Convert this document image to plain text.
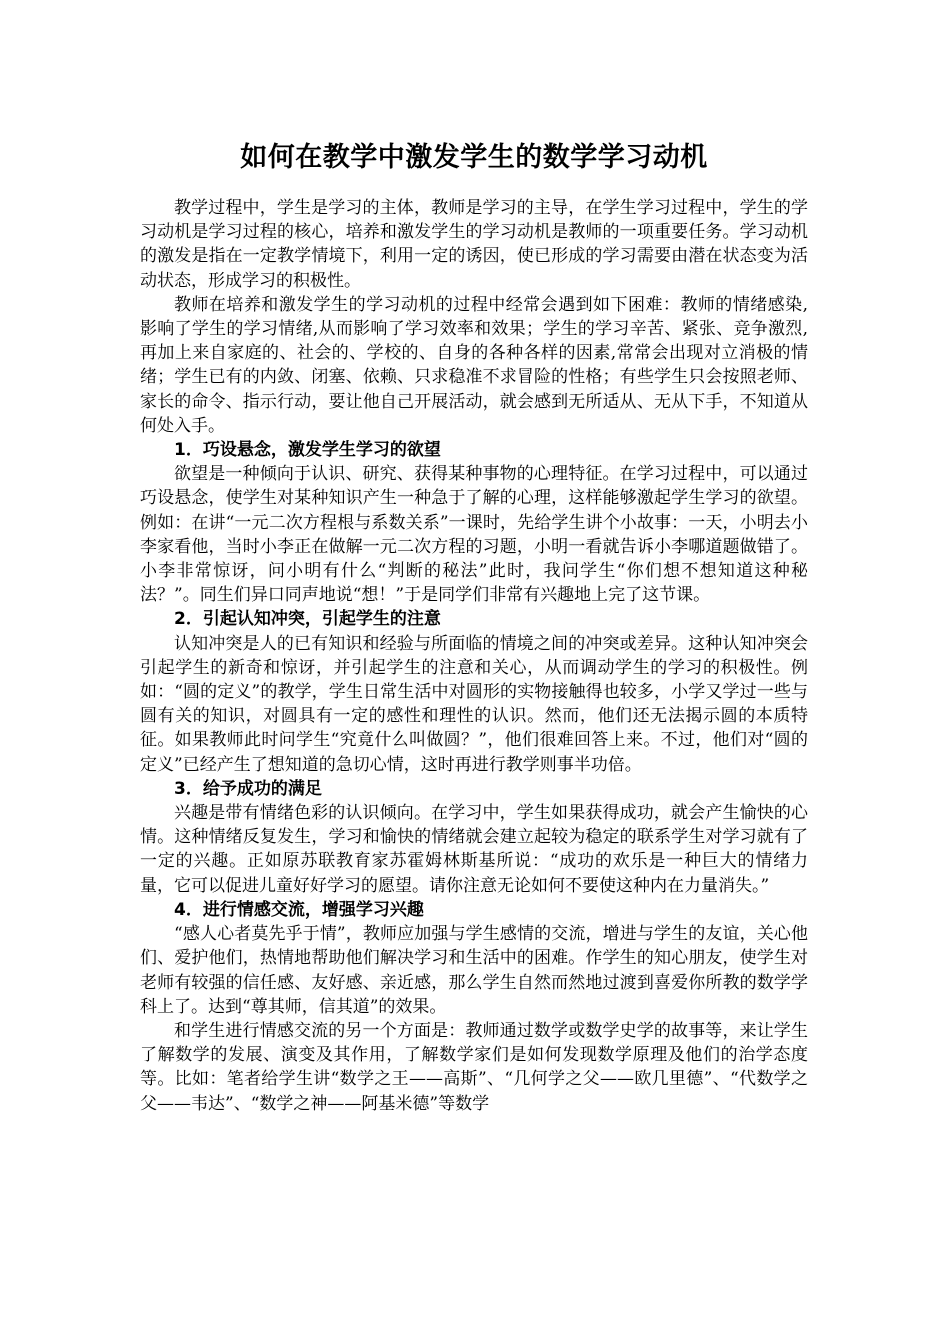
如何在教学中激发学生的数学学习动机

教学过程中，学生是学习的主体，教师是学习的主导，在学生学习过程中，学生的学习动机是学习过程的核心，培养和激发学生的学习动机是教师的一项重要任务。学习动机的激发是指在一定教学情境下，利用一定的诱因，使已形成的学习需要由潜在状态变为活动状态，形成学习的积极性。

教师在培养和激发学生的学习动机的过程中经常会遇到如下困难：教师的情绪感染,影响了学生的学习情绪,从而影响了学习效率和效果；学生的学习辛苦、紧张、竞争激烈,再加上来自家庭的、社会的、学校的、自身的各种各样的因素,常常会出现对立消极的情绪；学生已有的内敛、闭塞、依赖、只求稳准不求冒险的性格；有些学生只会按照老师、家长的命令、指示行动，要让他自己开展活动，就会感到无所适从、无从下手，不知道从何处入手。

1．巧设悬念，激发学生学习的欲望

欲望是一种倾向于认识、研究、获得某种事物的心理特征。在学习过程中，可以通过巧设悬念，使学生对某种知识产生一种急于了解的心理，这样能够激起学生学习的欲望。例如：在讲“一元二次方程根与系数关系”一课时，先给学生讲个小故事：一天，小明去小李家看他，当时小李正在做解一元二次方程的习题，小明一看就告诉小李哪道题做错了。小李非常惊讶，问小明有什么“判断的秘法”此时，我问学生“你们想不想知道这种秘法？”。同生们异口同声地说“想！”于是同学们非常有兴趣地上完了这节课。

2．引起认知冲突，引起学生的注意

认知冲突是人的已有知识和经验与所面临的情境之间的冲突或差异。这种认知冲突会引起学生的新奇和惊讶，并引起学生的注意和关心，从而调动学生的学习的积极性。例如：“圆的定义”的教学，学生日常生活中对圆形的实物接触得也较多，小学又学过一些与圆有关的知识，对圆具有一定的感性和理性的认识。然而，他们还无法揭示圆的本质特征。如果教师此时问学生“究竟什么叫做圆？”，他们很难回答上来。不过，他们对“圆的定义”已经产生了想知道的急切心情，这时再进行教学则事半功倍。

3．给予成功的满足

兴趣是带有情绪色彩的认识倾向。在学习中，学生如果获得成功，就会产生愉快的心情。这种情绪反复发生，学习和愉快的情绪就会建立起较为稳定的联系学生对学习就有了一定的兴趣。正如原苏联教育家苏霍姆林斯基所说：“成功的欢乐是一种巨大的情绪力量，它可以促进儿童好好学习的愿望。请你注意无论如何不要使这种内在力量消失。”

4．进行情感交流，增强学习兴趣

“感人心者莫先乎于情”，教师应加强与学生感情的交流，增进与学生的友谊，关心他们、爱护他们，热情地帮助他们解决学习和生活中的困难。作学生的知心朋友，使学生对老师有较强的信任感、友好感、亲近感，那么学生自然而然地过渡到喜爱你所教的数学学科上了。达到“尊其师，信其道”的效果。

和学生进行情感交流的另一个方面是：教师通过数学或数学史学的故事等，来让学生了解数学的发展、演变及其作用，了解数学家们是如何发现数学原理及他们的治学态度等。比如：笔者给学生讲“数学之王——高斯”、“几何学之父——欧几里德”、“代数学之父——韦达”、“数学之神——阿基米德”等数学
